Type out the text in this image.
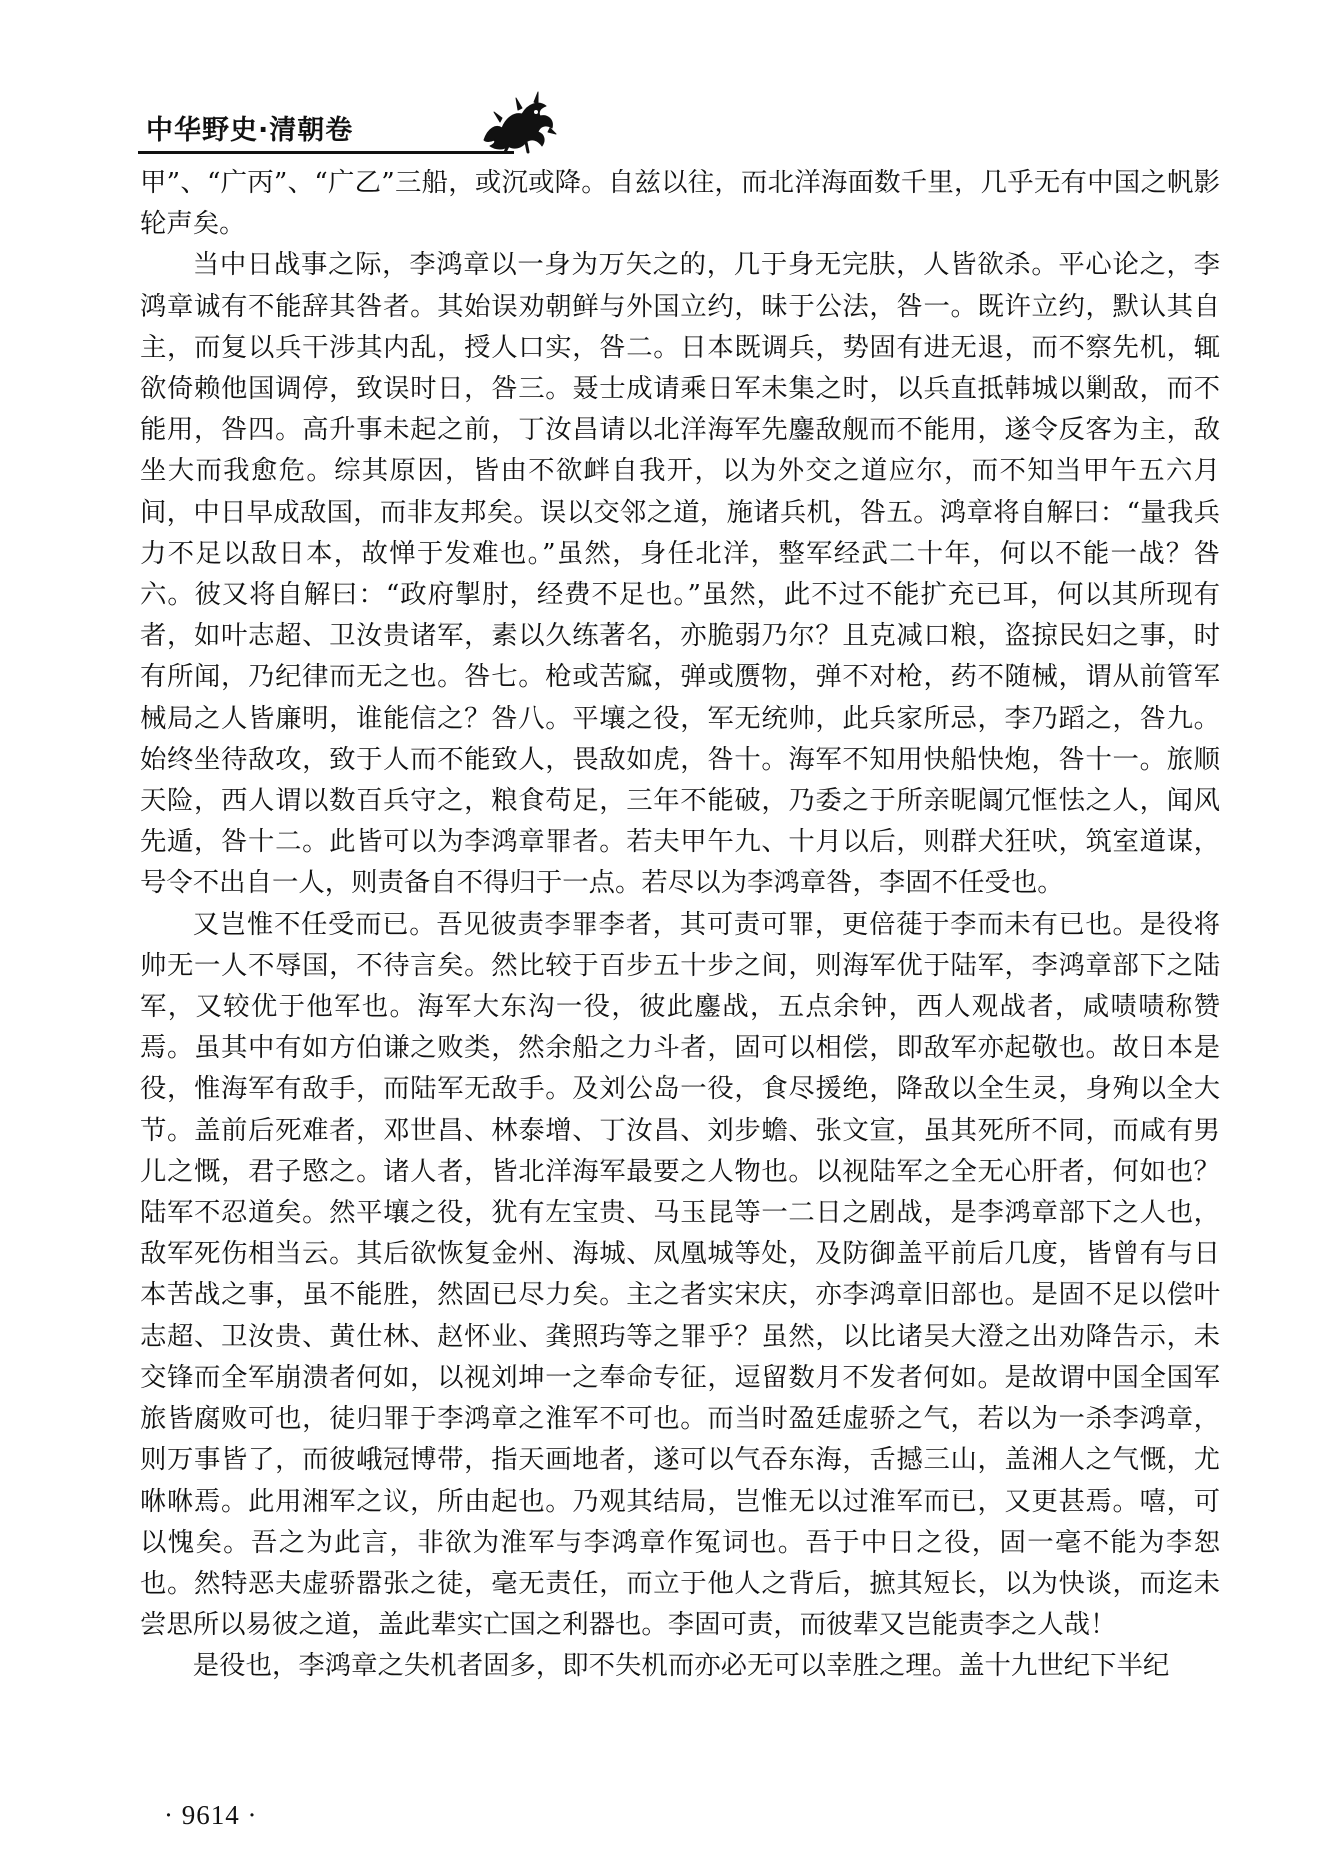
中华野史·清朝卷

甲”、“广丙”、“广乙”三船，或沉或降。自兹以往，而北洋海面数千里，几乎无有中国之帆影轮声矣。

当中日战事之际，李鸿章以一身为万矢之的，几于身无完肤，人皆欲杀。平心论之，李鸿章诚有不能辞其咎者。其始误劝朝鲜与外国立约，昧于公法，咎一。既许立约，默认其自主，而复以兵干涉其内乱，授人口实，咎二。日本既调兵，势固有进无退，而不察先机，辄欲倚赖他国调停，致误时日，咎三。聂士成请乘日军未集之时，以兵直抵韩城以剿敌，而不能用，咎四。高升事未起之前，丁汝昌请以北洋海军先鏖敌舰而不能用，遂令反客为主，敌坐大而我愈危。综其原因，皆由不欲衅自我开，以为外交之道应尔，而不知当甲午五六月间，中日早成敌国，而非友邦矣。误以交邻之道，施诸兵机，咎五。鸿章将自解曰：“量我兵力不足以敌日本，故惮于发难也。”虽然，身任北洋，整军经武二十年，何以不能一战？咎六。彼又将自解曰：“政府掣肘，经费不足也。”虽然，此不过不能扩充已耳，何以其所现有者，如叶志超、卫汝贵诸军，素以久练著名，亦脆弱乃尔？且克减口粮，盗掠民妇之事，时有所闻，乃纪律而无之也。咎七。枪或苦窳，弹或赝物，弹不对枪，药不随械，谓从前管军械局之人皆廉明，谁能信之？咎八。平壤之役，军无统帅，此兵家所忌，李乃蹈之，咎九。始终坐待敌攻，致于人而不能致人，畏敌如虎，咎十。海军不知用快船快炮，咎十一。旅顺天险，西人谓以数百兵守之，粮食苟足，三年不能破，乃委之于所亲昵阘冗恇怯之人，闻风先遁，咎十二。此皆可以为李鸿章罪者。若夫甲午九、十月以后，则群犬狂吠，筑室道谋，号令不出自一人，则责备自不得归于一点。若尽以为李鸿章咎，李固不任受也。

又岂惟不任受而已。吾见彼责李罪李者，其可责可罪，更倍蓰于李而未有已也。是役将帅无一人不辱国，不待言矣。然比较于百步五十步之间，则海军优于陆军，李鸿章部下之陆军，又较优于他军也。海军大东沟一役，彼此鏖战，五点余钟，西人观战者，咸啧啧称赞焉。虽其中有如方伯谦之败类，然余船之力斗者，固可以相偿，即敌军亦起敬也。故日本是役，惟海军有敌手，而陆军无敌手。及刘公岛一役，食尽援绝，降敌以全生灵，身殉以全大节。盖前后死难者，邓世昌、林泰增、丁汝昌、刘步蟾、张文宣，虽其死所不同，而咸有男儿之慨，君子愍之。诸人者，皆北洋海军最要之人物也。以视陆军之全无心肝者，何如也？陆军不忍道矣。然平壤之役，犹有左宝贵、马玉昆等一二日之剧战，是李鸿章部下之人也，敌军死伤相当云。其后欲恢复金州、海城、凤凰城等处，及防御盖平前后几度，皆曾有与日本苦战之事，虽不能胜，然固已尽力矣。主之者实宋庆，亦李鸿章旧部也。是固不足以偿叶志超、卫汝贵、黄仕林、赵怀业、龚照玙等之罪乎？虽然，以比诸吴大澄之出劝降告示，未交锋而全军崩溃者何如，以视刘坤一之奉命专征，逗留数月不发者何如。是故谓中国全国军旅皆腐败可也，徒归罪于李鸿章之淮军不可也。而当时盈廷虚骄之气，若以为一杀李鸿章，则万事皆了，而彼峨冠博带，指天画地者，遂可以气吞东海，舌撼三山，盖湘人之气慨，尤咻咻焉。此用湘军之议，所由起也。乃观其结局，岂惟无以过淮军而已，又更甚焉。嘻，可以愧矣。吾之为此言，非欲为淮军与李鸿章作冤词也。吾于中日之役，固一毫不能为李恕也。然特恶夫虚骄嚣张之徒，毫无责任，而立于他人之背后，摭其短长，以为快谈，而迄未尝思所以易彼之道，盖此辈实亡国之利器也。李固可责，而彼辈又岂能责李之人哉！

是役也，李鸿章之失机者固多，即不失机而亦必无可以幸胜之理。盖十九世纪下半纪

· 9614 ·
